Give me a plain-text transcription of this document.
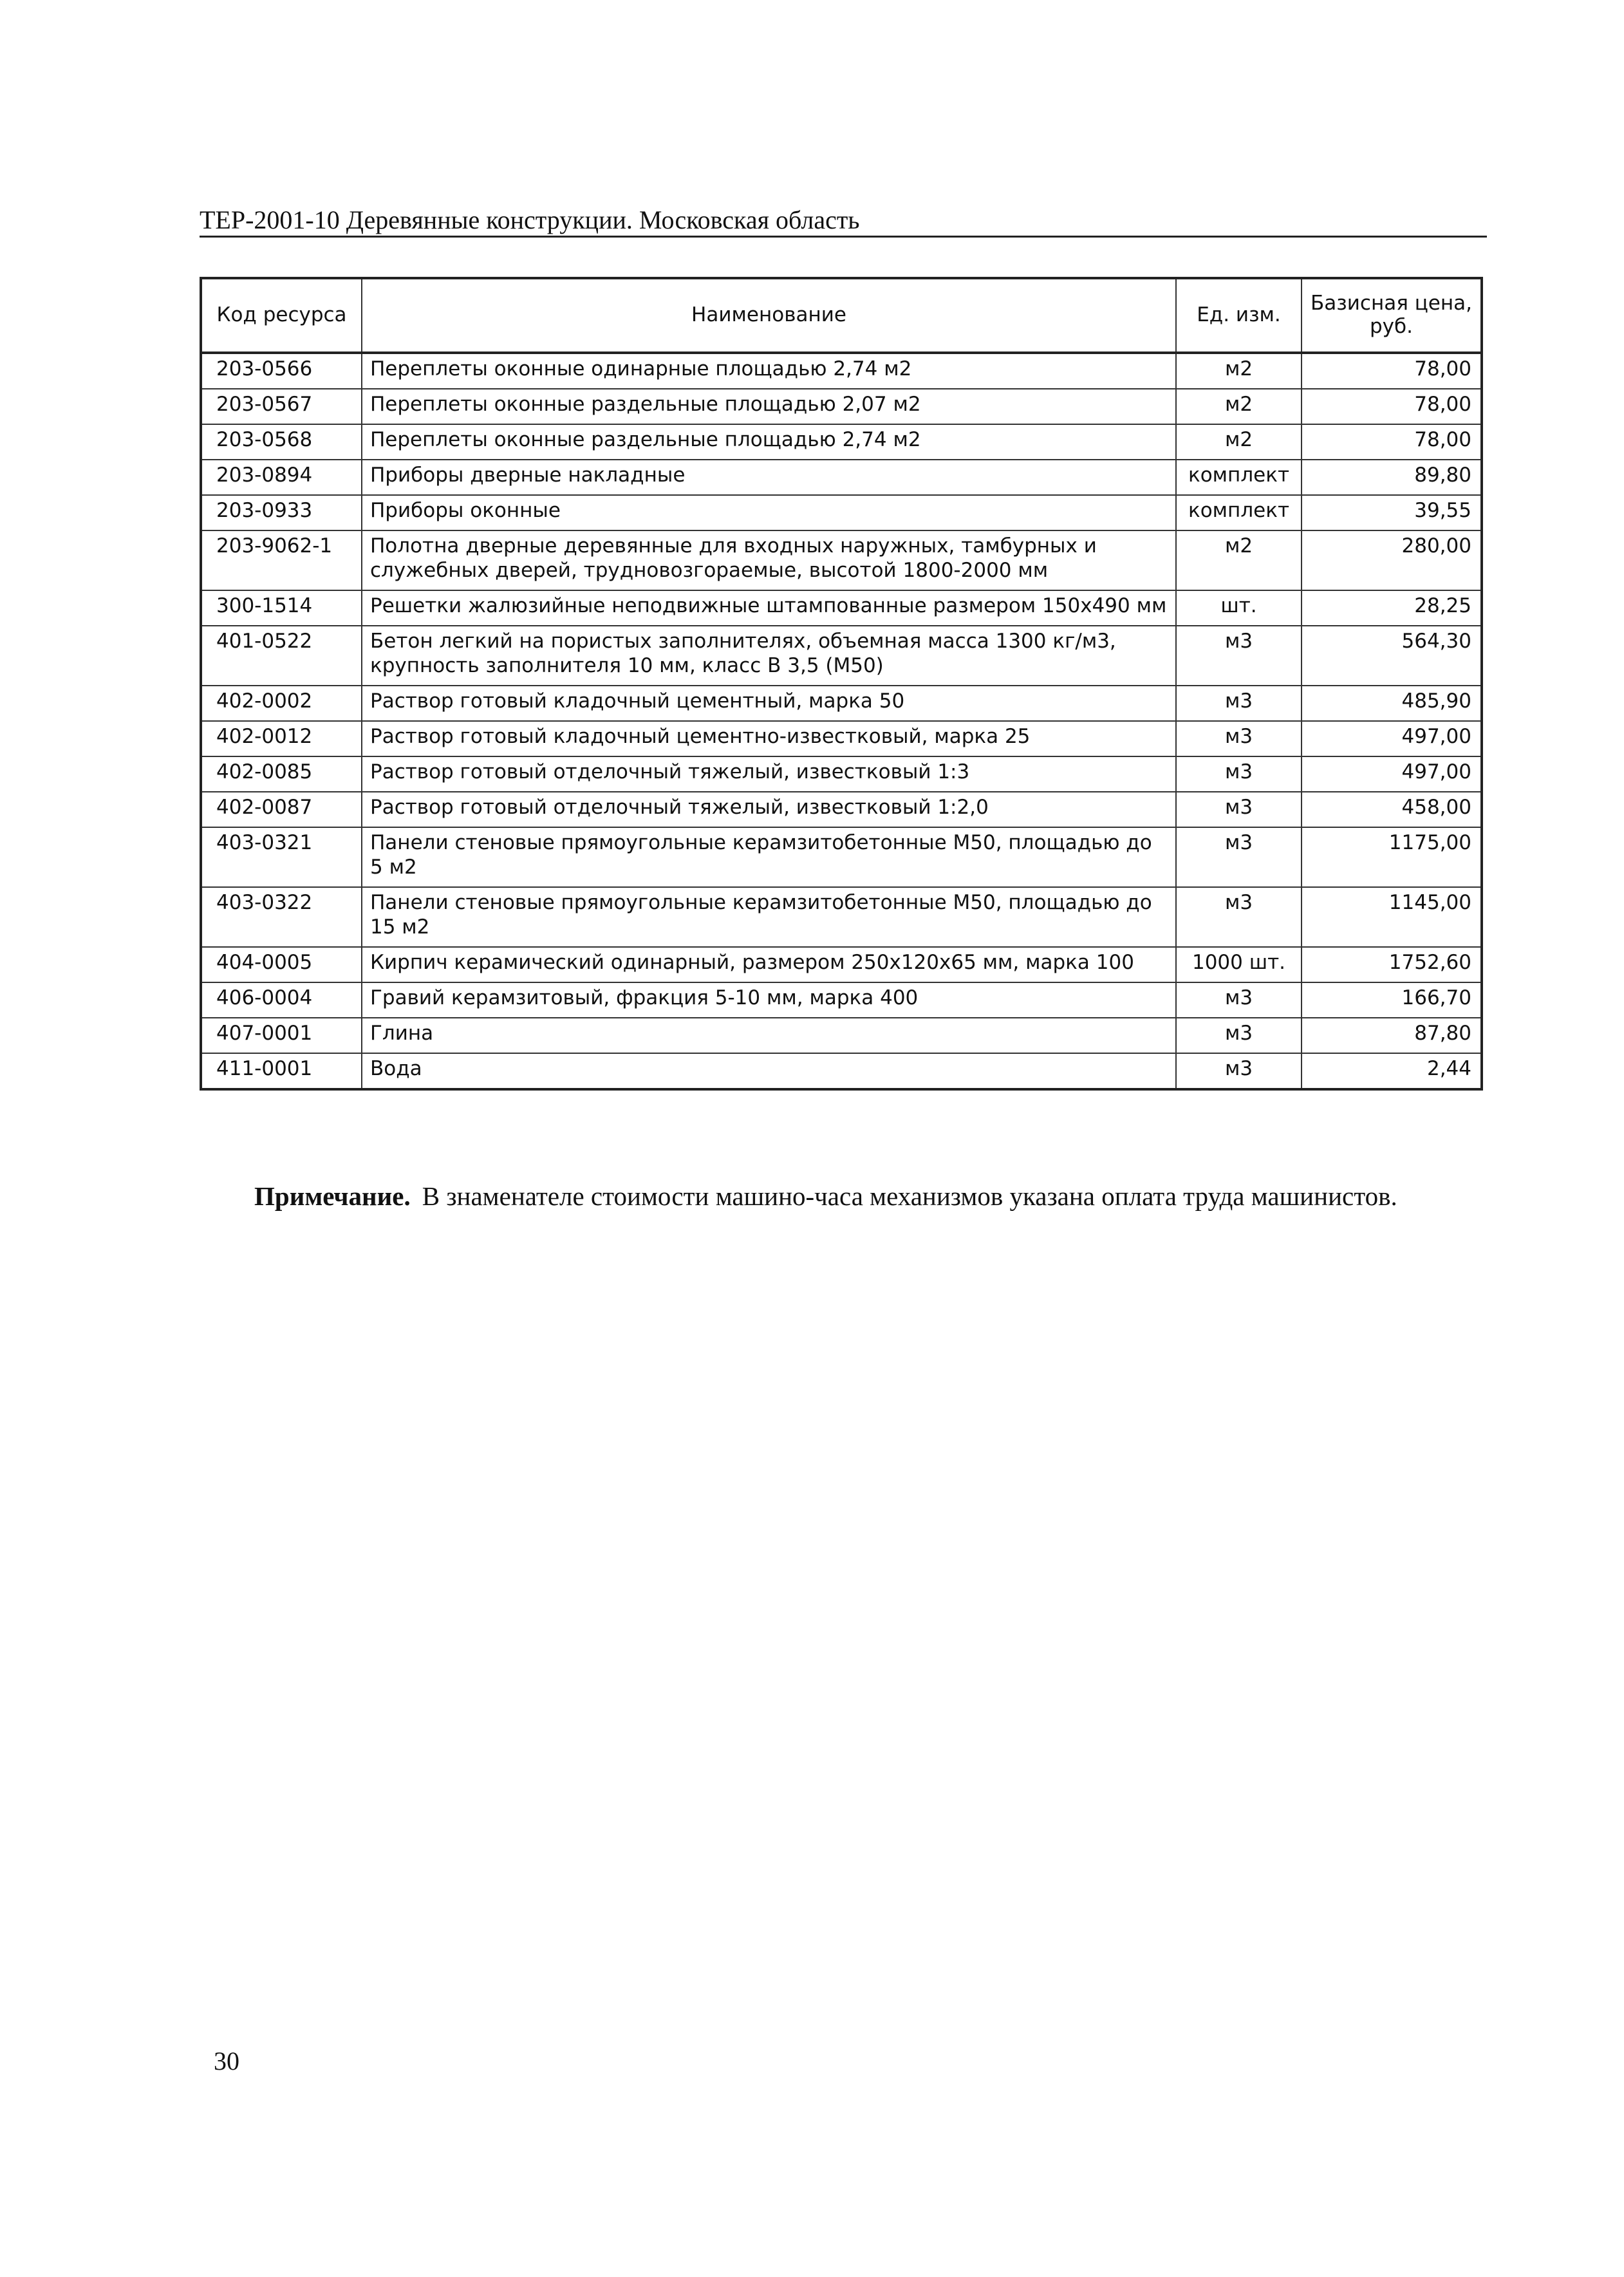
ТЕР-2001-10 Деревянные конструкции. Московская область
Код ресурса	Наименование	Ед. изм.	Базисная цена, руб.
203-0566	Переплеты оконные одинарные площадью 2,74 м2	м2	78,00
203-0567	Переплеты оконные раздельные площадью 2,07 м2	м2	78,00
203-0568	Переплеты оконные раздельные площадью 2,74 м2	м2	78,00
203-0894	Приборы дверные накладные	комплект	89,80
203-0933	Приборы оконные	комплект	39,55
203-9062-1	Полотна дверные деревянные для входных наружных, тамбурных и служебных дверей, трудновозгораемые, высотой 1800-2000 мм	м2	280,00
300-1514	Решетки жалюзийные неподвижные штампованные размером 150х490 мм	шт.	28,25
401-0522	Бетон легкий на пористых заполнителях, объемная масса 1300 кг/м3, крупность заполнителя 10 мм, класс В 3,5 (М50)	м3	564,30
402-0002	Раствор готовый кладочный цементный, марка 50	м3	485,90
402-0012	Раствор готовый кладочный цементно-известковый, марка 25	м3	497,00
402-0085	Раствор готовый отделочный тяжелый, известковый 1:3	м3	497,00
402-0087	Раствор готовый отделочный тяжелый, известковый 1:2,0	м3	458,00
403-0321	Панели стеновые прямоугольные керамзитобетонные М50, площадью до 5 м2	м3	1175,00
403-0322	Панели стеновые прямоугольные керамзитобетонные М50, площадью до 15 м2	м3	1145,00
404-0005	Кирпич керамический одинарный, размером 250х120х65 мм, марка 100	1000 шт.	1752,60
406-0004	Гравий керамзитовый, фракция 5-10 мм, марка 400	м3	166,70
407-0001	Глина	м3	87,80
411-0001	Вода	м3	2,44
Примечание. В знаменателе стоимости машино-часа механизмов указана оплата труда машинистов.
30
